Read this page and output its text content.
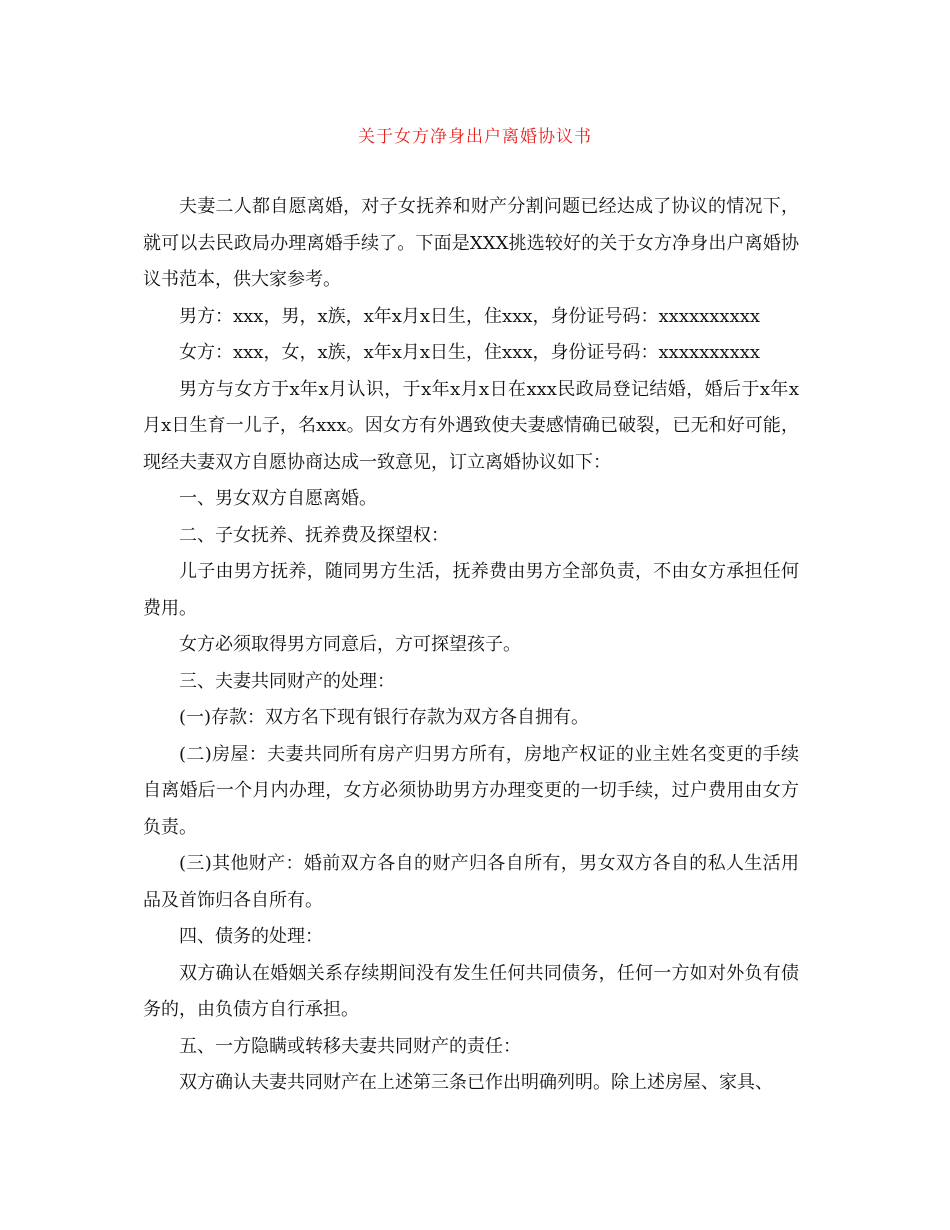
关于女方净身出户离婚协议书

夫妻二人都自愿离婚，对子女抚养和财产分割问题已经达成了协议的情况下，就可以去民政局办理离婚手续了。下面是XXX挑选较好的关于女方净身出户离婚协议书范本，供大家参考。

男方：xxx，男，x族，x年x月x日生，住xxx，身份证号码：xxxxxxxxxx

女方：xxx，女，x族，x年x月x日生，住xxx，身份证号码：xxxxxxxxxx

男方与女方于x年x月认识，于x年x月x日在xxx民政局登记结婚，婚后于x年x月x日生育一儿子，名xxx。因女方有外遇致使夫妻感情确已破裂，已无和好可能，现经夫妻双方自愿协商达成一致意见，订立离婚协议如下：

一、男女双方自愿离婚。

二、子女抚养、抚养费及探望权：

儿子由男方抚养，随同男方生活，抚养费由男方全部负责，不由女方承担任何费用。

女方必须取得男方同意后，方可探望孩子。

三、夫妻共同财产的处理：

(一)存款：双方名下现有银行存款为双方各自拥有。

(二)房屋：夫妻共同所有房产归男方所有，房地产权证的业主姓名变更的手续自离婚后一个月内办理，女方必须协助男方办理变更的一切手续，过户费用由女方负责。

(三)其他财产：婚前双方各自的财产归各自所有，男女双方各自的私人生活用品及首饰归各自所有。

四、债务的处理：

双方确认在婚姻关系存续期间没有发生任何共同债务，任何一方如对外负有债务的，由负债方自行承担。

五、一方隐瞒或转移夫妻共同财产的责任：

双方确认夫妻共同财产在上述第三条已作出明确列明。除上述房屋、家具、
